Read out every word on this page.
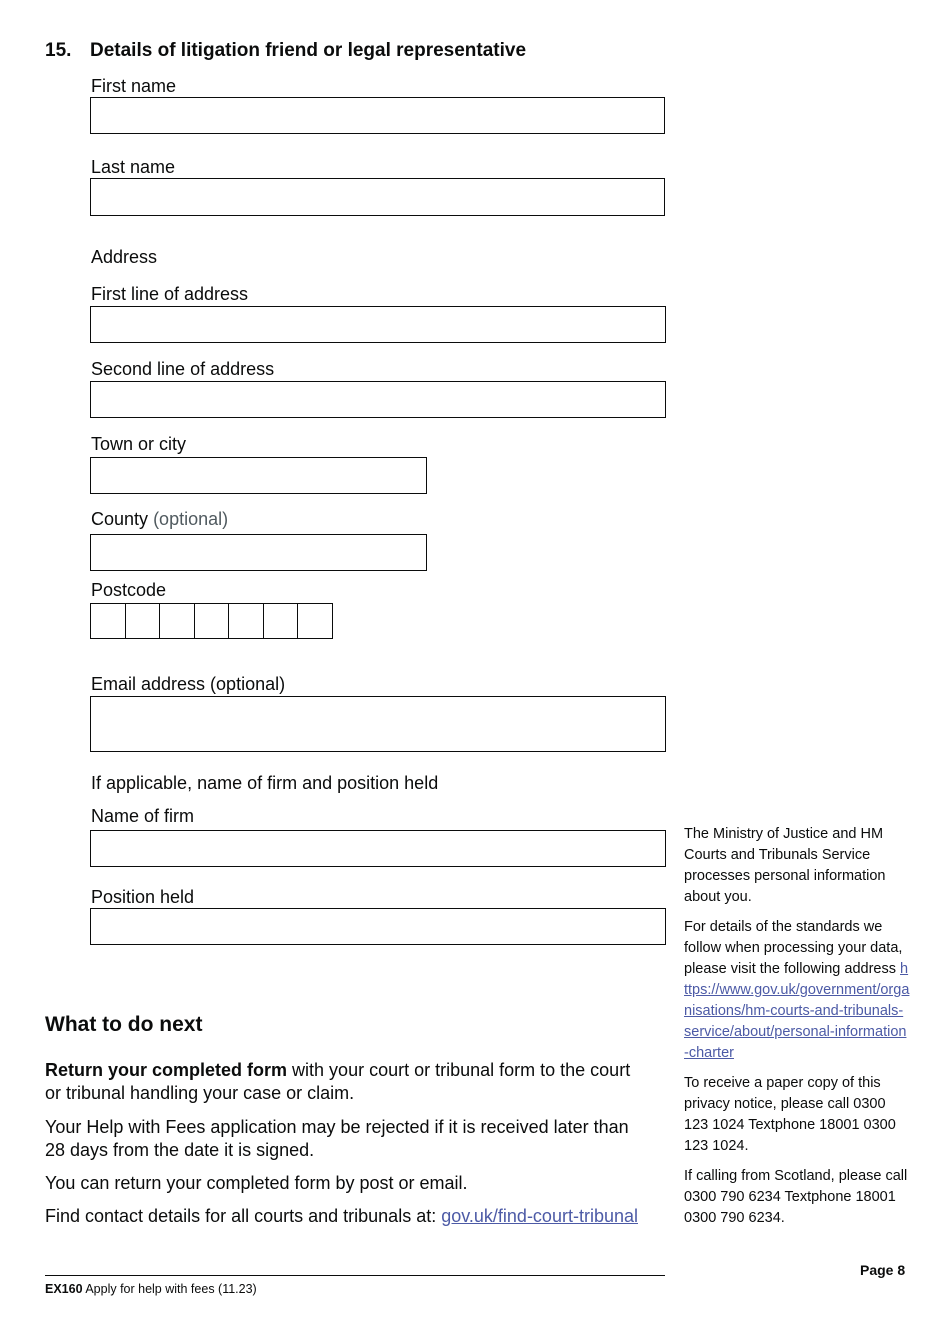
15. Details of litigation friend or legal representative
First name
Last name
Address
First line of address
Second line of address
Town or city
County (optional)
Postcode
Email address (optional)
If applicable, name of firm and position held
Name of firm
Position held

The Ministry of Justice and HM Courts and Tribunals Service processes personal information about you.

For details of the standards we follow when processing your data, please visit the following address https://www.gov.uk/government/organisations/hm-courts-and-tribunals-service/about/personal-information-charter

To receive a paper copy of this privacy notice, please call 0300 123 1024 Textphone 18001 0300 123 1024.

If calling from Scotland, please call 0300 790 6234 Textphone 18001 0300 790 6234.

What to do next
Return your completed form with your court or tribunal form to the court or tribunal handling your case or claim.
Your Help with Fees application may be rejected if it is received later than 28 days from the date it is signed.
You can return your completed form by post or email.
Find contact details for all courts and tribunals at: gov.uk/find-court-tribunal
EX160 Apply for help with fees (11.23)
Page 8
